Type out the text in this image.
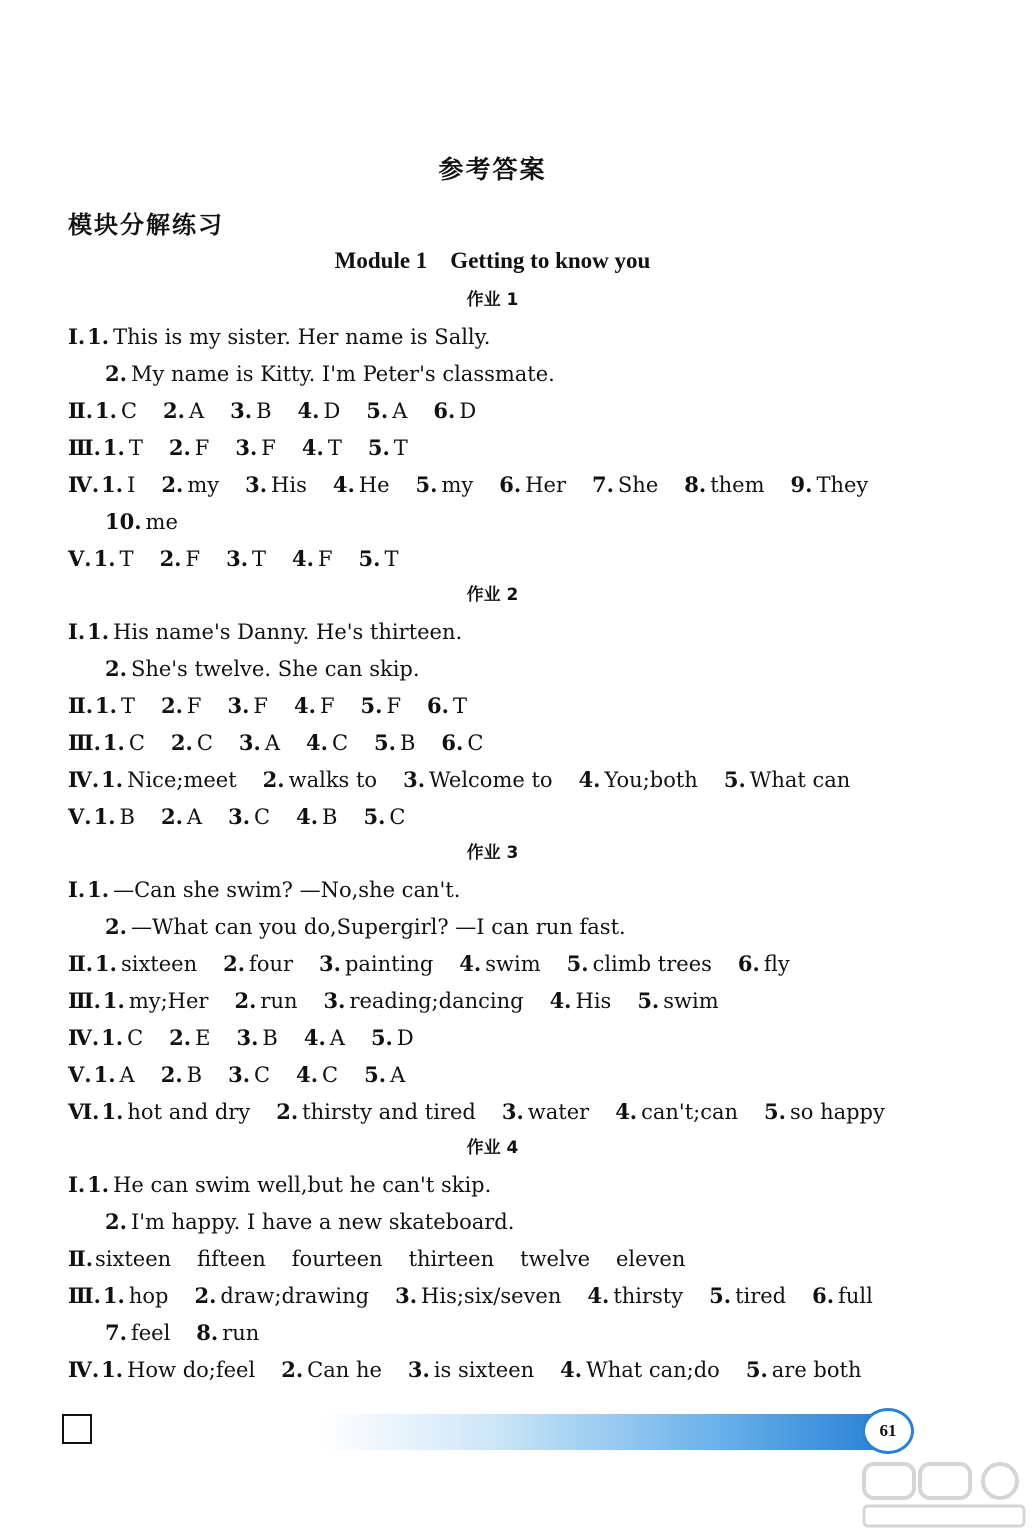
参考答案
模块分解练习
Module 1    Getting to know you
作业 1
Ⅰ.1. This is my sister. Her name is Sally.
2. My name is Kitty. I'm Peter's classmate.
Ⅱ.1. C 2. A 3. B 4. D 5. A 6. D
Ⅲ.1. T 2. F 3. F 4. T 5. T
Ⅳ.1. I 2. my 3. His 4. He 5. my 6. Her 7. She 8. them 9. They
10. me
Ⅴ.1. T 2. F 3. T 4. F 5. T
作业 2
Ⅰ.1. His name's Danny. He's thirteen.
2. She's twelve. She can skip.
Ⅱ.1. T 2. F 3. F 4. F 5. F 6. T
Ⅲ.1. C 2. C 3. A 4. C 5. B 6. C
Ⅳ.1. Nice;meet 2. walks to 3. Welcome to 4. You;both 5. What can
Ⅴ.1. B 2. A 3. C 4. B 5. C
作业 3
Ⅰ.1. —Can she swim? —No,she can't.
2. —What can you do,Supergirl? —I can run fast.
Ⅱ.1. sixteen 2. four 3. painting 4. swim 5. climb trees 6. fly
Ⅲ.1. my;Her 2. run 3. reading;dancing 4. His 5. swim
Ⅳ.1. C 2. E 3. B 4. A 5. D
Ⅴ.1. A 2. B 3. C 4. C 5. A
Ⅵ.1. hot and dry 2. thirsty and tired 3. water 4. can't;can 5. so happy
作业 4
Ⅰ.1. He can swim well,but he can't skip.
2. I'm happy. I have a new skateboard.
Ⅱ.sixteen fifteen fourteen thirteen twelve eleven
Ⅲ.1. hop 2. draw;drawing 3. His;six/seven 4. thirsty 5. tired 6. full
7. feel 8. run
Ⅳ.1. How do;feel 2. Can he 3. is sixteen 4. What can;do 5. are both
61
